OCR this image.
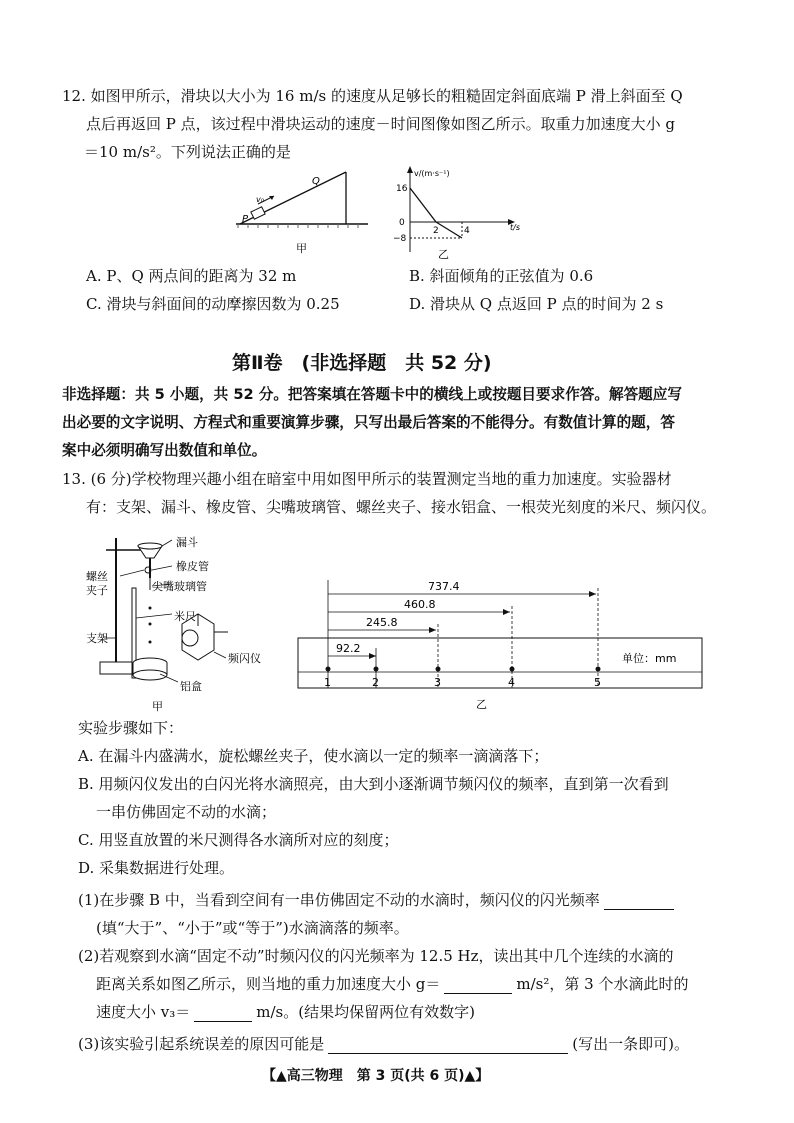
12. 如图甲所示，滑块以大小为 16 m/s 的速度从足够长的粗糙固定斜面底端 P 滑上斜面至 Q
点后再返回 P 点，该过程中滑块运动的速度－时间图像如图乙所示。取重力加速度大小 g
＝10 m/s²。下列说法正确的是
v₀
P
Q
甲
v/(m·s⁻¹)
t/s
16
0
−8
2	4
乙
A. P、Q 两点间的距离为 32 m	B. 斜面倾角的正弦值为 0.6
C. 滑块与斜面间的动摩擦因数为 0.25	D. 滑块从 Q 点返回 P 点的时间为 2 s
第Ⅱ卷　(非选择题　共 52 分)
非选择题：共 5 小题，共 52 分。把答案填在答题卡中的横线上或按题目要求作答。解答题应写
出必要的文字说明、方程式和重要演算步骤，只写出最后答案的不能得分。有数值计算的题，答
案中必须明确写出数值和单位。
13. (6 分)学校物理兴趣小组在暗室中用如图甲所示的装置测定当地的重力加速度。实验器材
有：支架、漏斗、橡皮管、尖嘴玻璃管、螺丝夹子、接水铝盒、一根荧光刻度的米尺、频闪仪。
漏斗
橡皮管
螺丝
夹子	尖嘴玻璃管
米尺
支架
频闪仪
铝盒
甲
737.4
460.8
245.8
92.2
1	2	3	4	5
单位：mm
乙
实验步骤如下：
A. 在漏斗内盛满水，旋松螺丝夹子，使水滴以一定的频率一滴滴落下；
B. 用频闪仪发出的白闪光将水滴照亮，由大到小逐渐调节频闪仪的频率，直到第一次看到
一串仿佛固定不动的水滴；
C. 用竖直放置的米尺测得各水滴所对应的刻度；
D. 采集数据进行处理。
(1)在步骤 B 中，当看到空间有一串仿佛固定不动的水滴时，频闪仪的闪光频率
(填“大于”、“小于”或“等于”)水滴滴落的频率。
(2)若观察到水滴“固定不动”时频闪仪的闪光频率为 12.5 Hz，读出其中几个连续的水滴的
距离关系如图乙所示，则当地的重力加速度大小 g＝	m/s²，第 3 个水滴此时的
速度大小 v₃＝	m/s。(结果均保留两位有效数字)
(3)该实验引起系统误差的原因可能是	(写出一条即可)。
【▲高三物理　第 3 页(共 6 页)▲】
